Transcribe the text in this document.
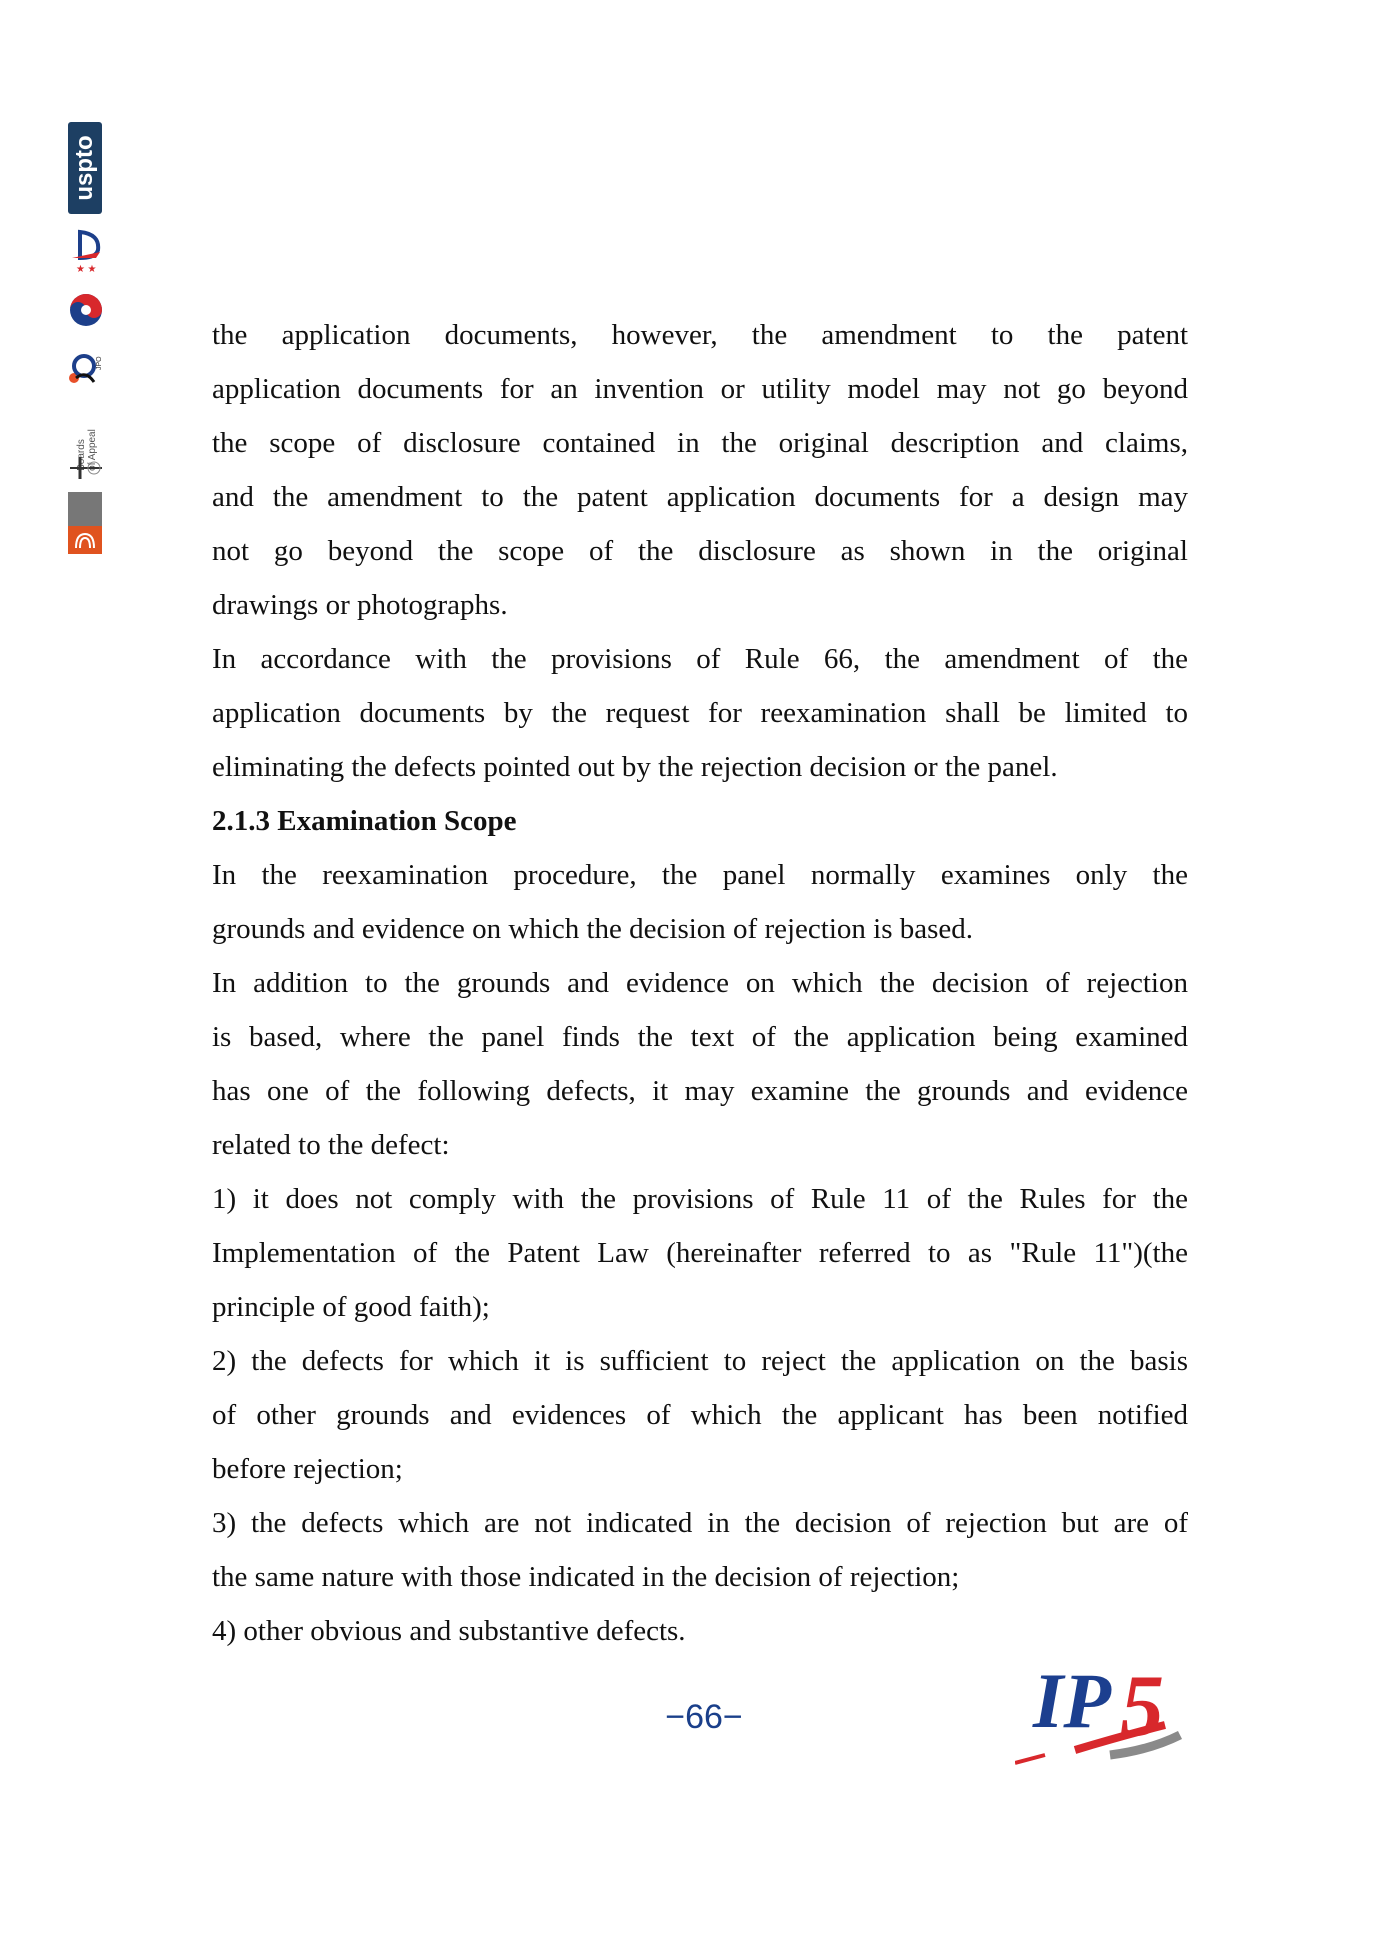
uspto
★ ★
JPO
Boards of Appeal
the application documents, however, the amendment to the patent
application documents for an invention or utility model may not go beyond
the scope of disclosure contained in the original description and claims,
and the amendment to the patent application documents for a design may
not go beyond the scope of the disclosure as shown in the original
drawings or photographs.
In accordance with the provisions of Rule 66, the amendment of the
application documents by the request for reexamination shall be limited to
eliminating the defects pointed out by the rejection decision or the panel.
2.1.3 Examination Scope
In the reexamination procedure, the panel normally examines only the
grounds and evidence on which the decision of rejection is based.
In addition to the grounds and evidence on which the decision of rejection
is based, where the panel finds the text of the application being examined
has one of the following defects, it may examine the grounds and evidence
related to the defect:
1) it does not comply with the provisions of Rule 11 of the Rules for the
Implementation of the Patent Law (hereinafter referred to as "Rule 11")(the
principle of good faith);
2) the defects for which it is sufficient to reject the application on the basis
of other grounds and evidences of which the applicant has been notified
before rejection;
3) the defects which are not indicated in the decision of rejection but are of
the same nature with those indicated in the decision of rejection;
4) other obvious and substantive defects.
−66−	IP 5
